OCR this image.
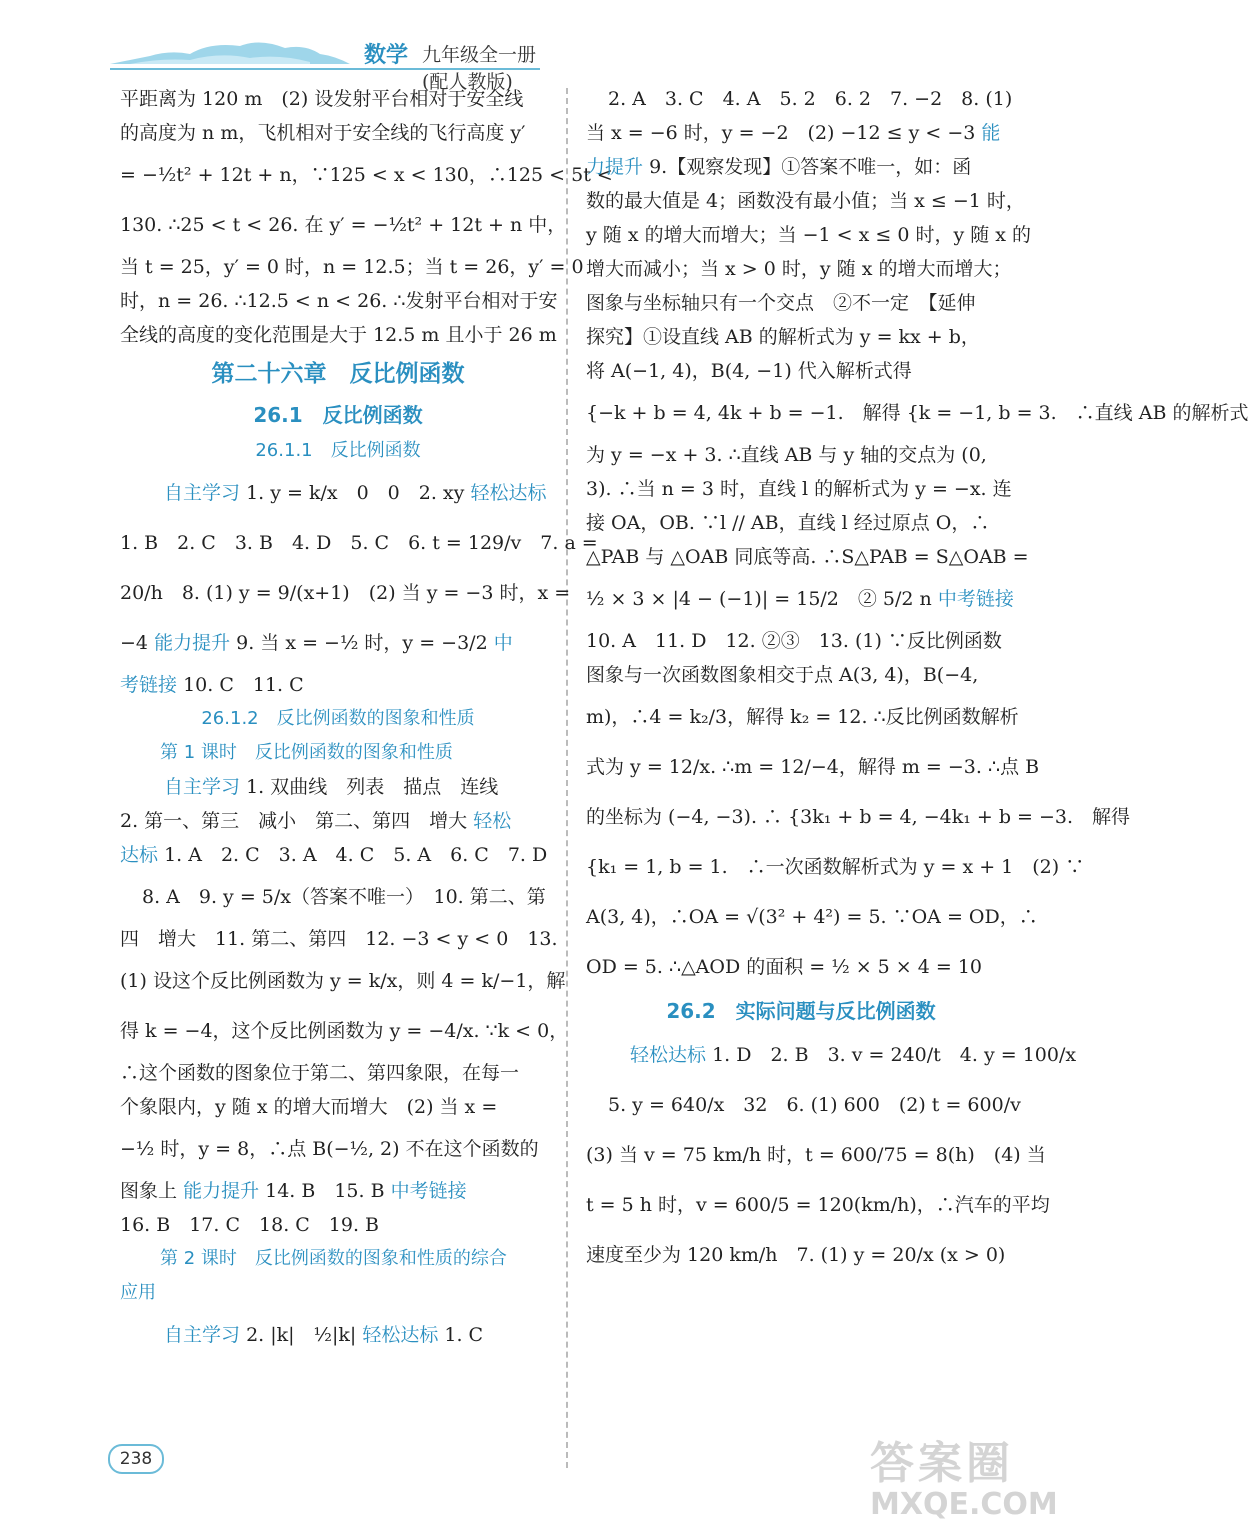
数学 九年级全一册(配人教版)
平距离为 120 m　(2) 设发射平台相对于安全线
的高度为 n m，飞机相对于安全线的飞行高度 y′
= −½t² + 12t + n，∵125 < x < 130，∴125 < 5t <
130. ∴25 < t < 26. 在 y′ = −½t² + 12t + n 中，
当 t = 25，y′ = 0 时，n = 12.5；当 t = 26，y′ = 0
时，n = 26. ∴12.5 < n < 26. ∴发射平台相对于安
全线的高度的变化范围是大于 12.5 m 且小于 26 m
第二十六章　反比例函数
26.1　反比例函数
26.1.1　反比例函数
自主学习 1. y = k/x　0　0　2. xy 轻松达标
1. B　2. C　3. B　4. D　5. C　6. t = 129/v　7. a =
20/h　8. (1) y = 9/(x+1)　(2) 当 y = −3 时，x =
−4 能力提升 9. 当 x = −½ 时，y = −3/2 中
考链接 10. C　11. C
26.1.2　反比例函数的图象和性质
第 1 课时　反比例函数的图象和性质
自主学习 1. 双曲线　列表　描点　连线
2. 第一、第三　减小　第二、第四　增大 轻松
达标 1. A　2. C　3. A　4. C　5. A　6. C　7. D
8. A　9. y = 5/x（答案不唯一）　10. 第二、第
四　增大　11. 第二、第四　12. −3 < y < 0　13.
(1) 设这个反比例函数为 y = k/x，则 4 = k/−1，解
得 k = −4，这个反比例函数为 y = −4/x. ∵k < 0，
∴这个函数的图象位于第二、第四象限，在每一
个象限内，y 随 x 的增大而增大　(2) 当 x =
−½ 时，y = 8，∴点 B(−½, 2) 不在这个函数的
图象上 能力提升 14. B　15. B 中考链接
16. B　17. C　18. C　19. B
第 2 课时　反比例函数的图象和性质的综合
应用
自主学习 2. |k|　½|k| 轻松达标 1. C
2. A　3. C　4. A　5. 2　6. 2　7. −2　8. (1)
当 x = −6 时，y = −2　(2) −12 ≤ y < −3 能
力提升 9.【观察发现】①答案不唯一，如：函
数的最大值是 4；函数没有最小值；当 x ≤ −1 时，
y 随 x 的增大而增大；当 −1 < x ≤ 0 时，y 随 x 的
增大而减小；当 x > 0 时，y 随 x 的增大而增大；
图象与坐标轴只有一个交点　②不一定　【延伸
探究】①设直线 AB 的解析式为 y = kx + b，
将 A(−1, 4)，B(4, −1) 代入解析式得
{−k + b = 4, 4k + b = −1.　解得 {k = −1, b = 3.　∴直线 AB 的解析式
为 y = −x + 3. ∴直线 AB 与 y 轴的交点为 (0,
3). ∴当 n = 3 时，直线 l 的解析式为 y = −x. 连
接 OA，OB. ∵l // AB，直线 l 经过原点 O，∴
△PAB 与 △OAB 同底等高. ∴S△PAB = S△OAB =
½ × 3 × |4 − (−1)| = 15/2　② 5/2 n 中考链接
10. A　11. D　12. ②③　13. (1) ∵反比例函数
图象与一次函数图象相交于点 A(3, 4)，B(−4,
m)，∴4 = k₂/3，解得 k₂ = 12. ∴反比例函数解析
式为 y = 12/x. ∴m = 12/−4，解得 m = −3. ∴点 B
的坐标为 (−4, −3). ∴ {3k₁ + b = 4, −4k₁ + b = −3.　解得
{k₁ = 1, b = 1.　∴一次函数解析式为 y = x + 1　(2) ∵
A(3, 4)，∴OA = √(3² + 4²) = 5. ∵OA = OD，∴
OD = 5. ∴△AOD 的面积 = ½ × 5 × 4 = 10
26.2　实际问题与反比例函数
轻松达标 1. D　2. B　3. v = 240/t　4. y = 100/x
5. y = 640/x　32　6. (1) 600　(2) t = 600/v
(3) 当 v = 75 km/h 时，t = 600/75 = 8(h)　(4) 当
t = 5 h 时，v = 600/5 = 120(km/h)，∴汽车的平均
速度至少为 120 km/h　7. (1) y = 20/x (x > 0)
238	答案圈
MXQE.COM
